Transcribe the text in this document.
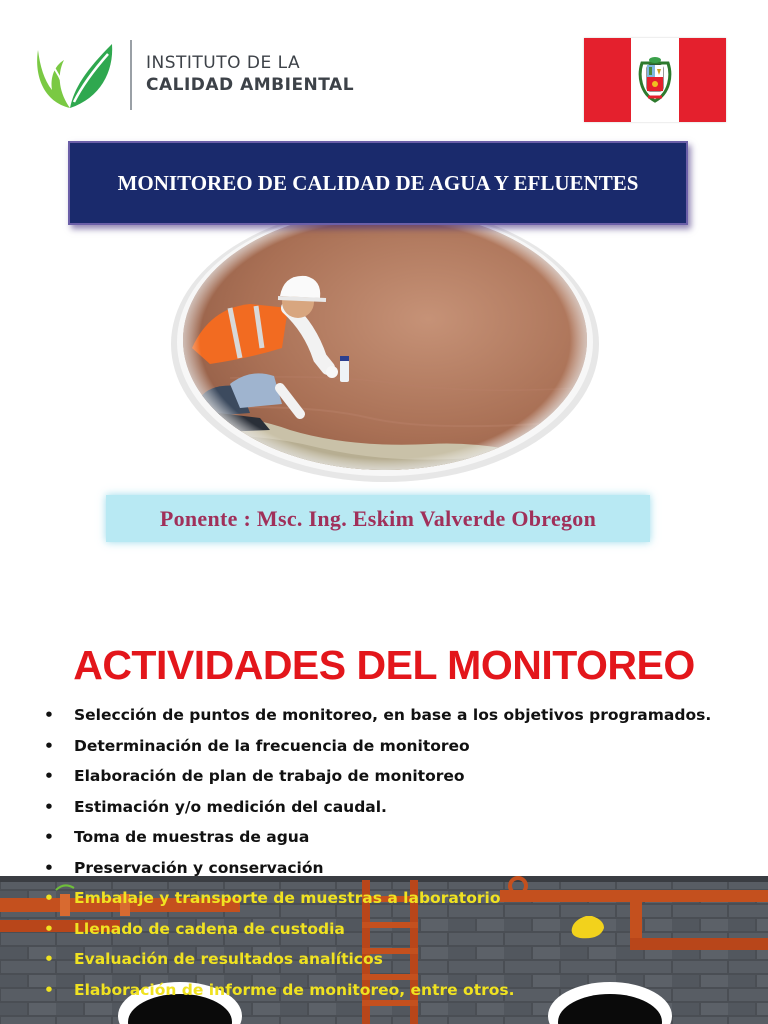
INSTITUTO DE LA
CALIDAD AMBIENTAL
MONITOREO DE CALIDAD DE AGUA Y EFLUENTES
Ponente : Msc. Ing. Eskim Valverde Obregon
ACTIVIDADES DEL MONITOREO
• Selección de puntos de monitoreo, en base a los objetivos programados.
• Determinación de la frecuencia de monitoreo
• Elaboración de plan de trabajo de monitoreo
• Estimación y/o medición del caudal.
• Toma de muestras de agua
• Preservación y conservación
• Embalaje y transporte de muestras a laboratorio
• Llenado de cadena de custodia
• Evaluación de resultados analíticos
• Elaboración de informe de monitoreo, entre otros.
